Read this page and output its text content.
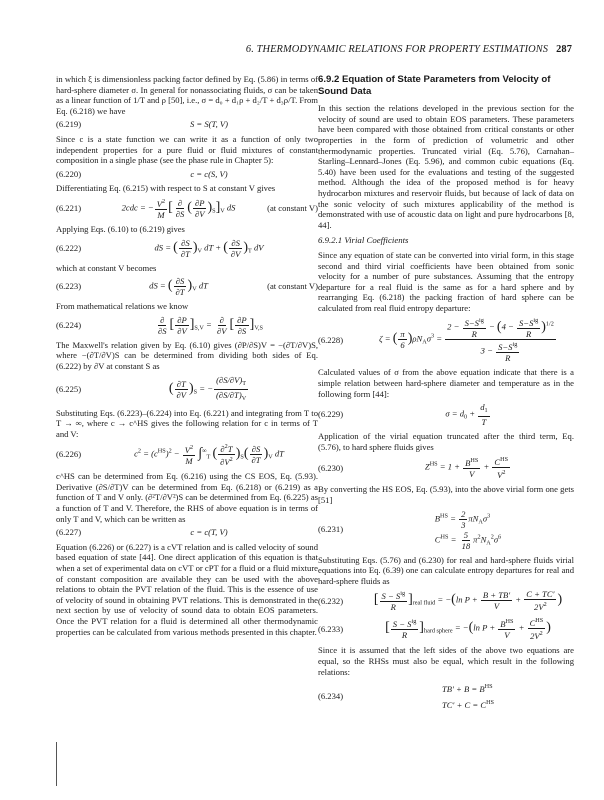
6. THERMODYNAMIC RELATIONS FOR PROPERTY ESTIMATIONS 287

in which ξ is dimensionless packing factor defined by Eq. (5.86) in terms of hard-sphere diameter σ. In general for nonassociating fluids, σ can be taken as a linear function of 1/T and ρ [50], i.e., σ = d₀ + d₁ρ + d₂/T + d₃ρ/T. From Eq. (6.218) we have

(6.219)	S = S(T, V)

Since c is a state function we can write it as a function of only two independent properties for a pure fluid or fluid mixtures of constant composition in a single phase (see the phase rule in Chapter 5):

(6.220)	c = c(S, V)

Differentiating Eq. (6.215) with respect to S at constant V gives

(6.221)	2cdc = − $\frac{V^2}{M}$ [ $\frac{\partial}{\partial S}$ ( $\frac{\partial P}{\partial V} )_S]_V$ dS	(at constant V)

Applying Eqs. (6.10) to (6.219) gives

(6.222)	dS = ( $\frac{\partial S}{\partial T} )_V$ dT + ( $\frac{\partial S}{\partial V} )_T$ dV

which at constant V becomes

(6.223)	dS = ( $\frac{\partial S}{\partial T} )_V$ dT	(at constant V)

From mathematical relations we know

(6.224)	$\frac{\partial}{\partial S}$ [ $\frac{\partial P}{\partial V} ]_{S,V} = \frac{\partial}{\partial V}$ [ $\frac{\partial P}{\partial S} ]_{V,S}$

The Maxwell's relation given by Eq. (6.10) gives (∂P/∂S)V = −(∂T/∂V)S, where −(∂T/∂V)S can be determined from dividing both sides of Eq. (6.222) by ∂V at constant S as

(6.225)	( $\frac{\partial T}{\partial V} )_S$ = − $\frac{(\partial S/\partial V)_T}{(\partial S/\partial T)_V}$

Substituting Eqs. (6.223)–(6.224) into Eq. (6.221) and integrating from T to T → ∞, where c → c^HS gives the following relation for c in terms of T and V:

(6.226)	$c^2 = (c^{HS})^2 - \frac{V^2}{M} \int^\infty_T$ ( $\frac{\partial^2T}{\partial V^2} )_S( \frac{\partial S}{\partial T} )_V$ dT

c^HS can be determined from Eq. (6.216) using the CS EOS, Eq. (5.93). Derivative (∂S/∂T)V can be determined from Eq. (6.218) or (6.219) as a function of T and V only. (∂²T/∂V²)S can be determined from Eq. (6.225) as a function of T and V. Therefore, the RHS of above equation is in terms of only T and V, which can be written as

(6.227)	c = c(T, V)

Equation (6.226) or (6.227) is a cVT relation and is called velocity of sound based equation of state [44]. One direct application of this equation is that when a set of experimental data on cVT or cPT for a fluid or a fluid mixture of constant composition are available they can be used with the above relations to obtain the PVT relation of the fluid. This is the essence of use of velocity of sound in obtaining PVT relations. This is demonstrated in the next section by use of velocity of sound data to obtain EOS parameters. Once the PVT relation for a fluid is determined all other thermodynamic properties can be calculated from various methods presented in this chapter.

6.9.2 Equation of State Parameters from Velocity of Sound Data

In this section the relations developed in the previous section for the velocity of sound are used to obtain EOS parameters. These parameters have been compared with those obtained from critical constants or other properties in the form of prediction of volumetric and other thermodynamic properties. Truncated virial (Eq. 5.76), Carnahan–Starling–Lennard–Jones (Eq. 5.96), and common cubic equations (Eq. 5.40) have been used for the evaluations and testing of the suggested method. Although the idea of the proposed method is for heavy hydrocarbon mixtures and reservoir fluids, but because of lack of data on the sonic velocity of such mixtures applicability of the method is demonstrated with use of acoustic data on light and pure hydrocarbons [8, 44].

6.9.2.1 Virial Coefficients

Since any equation of state can be converted into virial form, in this stage second and third virial coefficients have been obtained from sonic velocity for a number of pure substances. Assuming that the entropy departure for a real fluid is the same as for a hard sphere and by rearranging Eq. (6.218) the packing fraction of hard sphere can be calculated from real fluid entropy departure:

(6.228)	ζ = ( $\frac{\pi}{6} )\rho N_A\sigma^3 = \frac{2 - \frac{S-S^{ig}}{R} - (4 - \frac{S-S^{ig}}{R} )^{1/2}}{3 - \frac{S-S^{ig}}{R}}$

Calculated values of σ from the above equation indicate that there is a simple relation between hard-sphere diameter and temperature as in the following form [44]:

(6.229)	$\sigma = d_0 + \frac{d_1}{T}$

Application of the virial equation truncated after the third term, Eq. (5.76), to hard sphere fluids gives

(6.230)	$Z^{HS} = 1 + \frac{B^{HS}}{V} + \frac{C^{HS}}{V^2}$

By converting the HS EOS, Eq. (5.93), into the above virial form one gets [51]

(6.231)
$B^{HS} = \frac{2}{3} \pi N_A\sigma^3$
$C^{HS} = \frac{5}{18} \pi^2N_A^2\sigma^6$

Substituting Eqs. (5.76) and (6.230) for real and hard-sphere fluids virial equations into Eq. (6.39) one can calculate entropy departures for real and hard-sphere fluids as

(6.232)	[ $\frac{S - S^{ig}}{R} ]_{real fluid} = -(\ln$ $P + \frac{B + TB'}{V} + \frac{C + TC'}{2V^2}$ )
(6.233)	[ $\frac{S - S^{ig}}{R} ]_{hard sphere} = -(\ln$ $P + \frac{B^{HS}}{V} + \frac{C^{HS}}{2V^2}$ )

Since it is assumed that the left sides of the above two equations are equal, so the RHSs must also be equal, which result in the following relations:

(6.234)
$TB' + B = B^{HS}$
$TC' + C = C^{HS}$
